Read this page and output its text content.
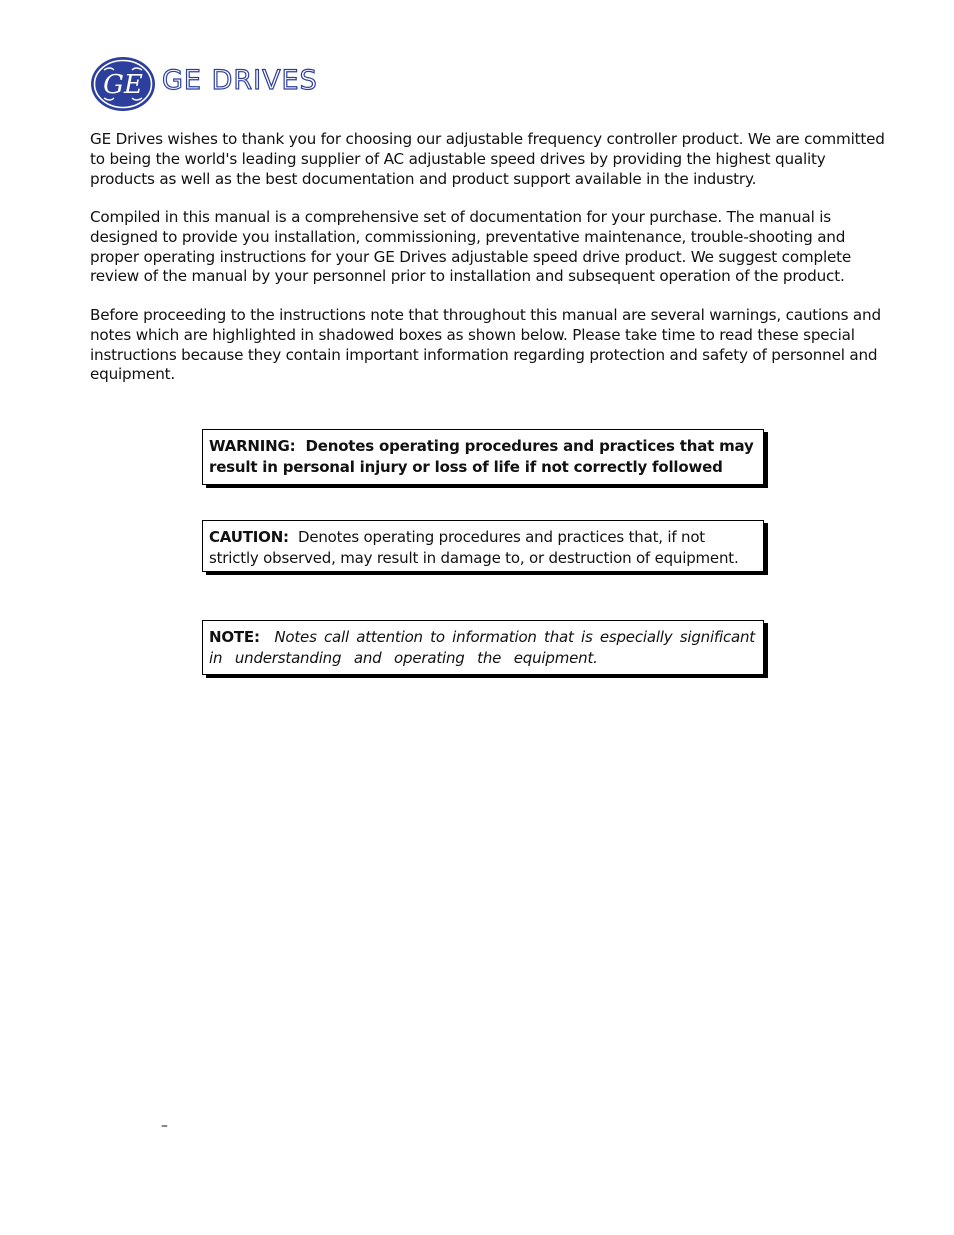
GE GE DRIVES

GE Drives wishes to thank you for choosing our adjustable frequency controller product. We are committed to being the world's leading supplier of AC adjustable speed drives by providing the highest quality products as well as the best documentation and product support available in the industry.

Compiled in this manual is a comprehensive set of documentation for your purchase. The manual is designed to provide you installation, commissioning, preventative maintenance, trouble-shooting and proper operating instructions for your GE Drives adjustable speed drive product. We suggest complete review of the manual by your personnel prior to installation and subsequent operation of the product.

Before proceeding to the instructions note that throughout this manual are several warnings, cautions and notes which are highlighted in shadowed boxes as shown below. Please take time to read these special instructions because they contain important information regarding protection and safety of personnel and equipment.

WARNING: Denotes operating procedures and practices that may result in personal injury or loss of life if not correctly followed
CAUTION: Denotes operating procedures and practices that, if not strictly observed, may result in damage to, or destruction of equipment.
NOTE: Notes call attention to information that is especially significant
in understanding and operating the equipment.
–
